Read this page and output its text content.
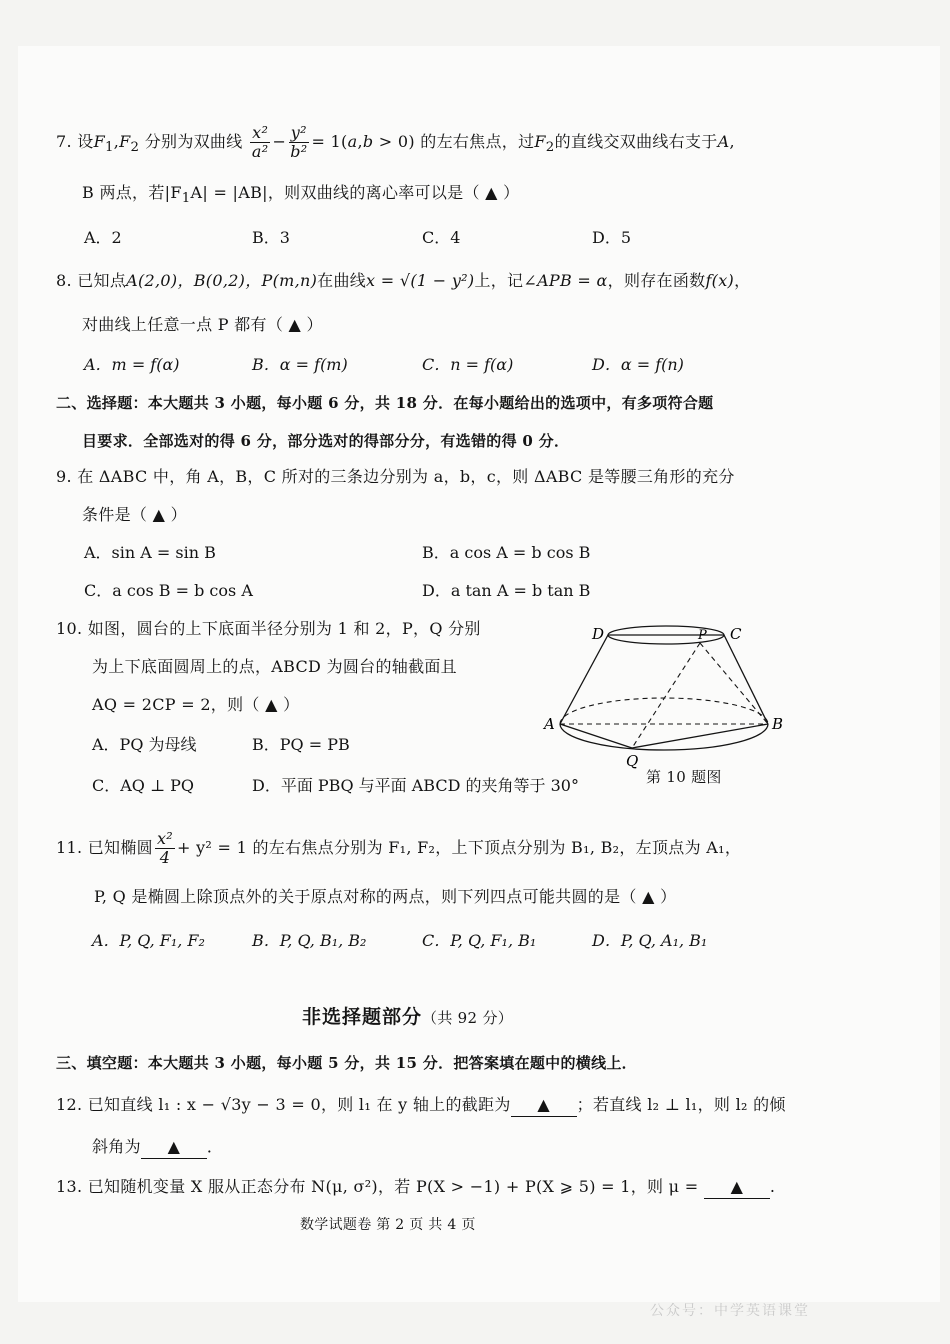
7. 设$F_1,F_2$ 分别为双曲线 $\frac{\text{x²}}{\text{a²}} - \frac{\text{y²}}{\text{b²}} = 1(a,b > 0)$ 的左右焦点，过$F_2$的直线交双曲线右支于A,
B 两点，若$|F_1A| = |AB|$，则双曲线的离心率可以是（ ▲ ）
A．2	B．3	C．4	D．5
8. 已知点A(2,0)，B(0,2)，P(m,n)在曲线x = √(1 − y²)上，记∠APB = α，则存在函数f(x)，
对曲线上任意一点 P 都有（ ▲ ）
A．m = f(α)	B．α = f(m)	C．n = f(α)	D．α = f(n)
二、选择题：本大题共 3 小题，每小题 6 分，共 18 分．在每小题给出的选项中，有多项符合题
目要求．全部选对的得 6 分，部分选对的得部分分，有选错的得 0 分．
9. 在 ΔABC 中，角 A，B，C 所对的三条边分别为 a，b，c，则 ΔABC 是等腰三角形的充分
条件是（ ▲ ）
A．sin A = sin B	B．a cos A = b cos B
C．a cos B = b cos A	D．a tan A = b tan B
10. 如图，圆台的上下底面半径分别为 1 和 2，P，Q 分别
为上下底面圆周上的点，ABCD 为圆台的轴截面且
AQ = 2CP = 2，则（ ▲ ）
A．PQ 为母线	B．PQ = PB
C．AQ ⊥ PQ	D．平面 PBQ 与平面 ABCD 的夹角等于 30°
D	C
P
A	B
Q
第 10 题图
11. 已知椭圆 $\frac{\text{x²}}{4} + y^2 = 1$ 的左右焦点分别为 F₁, F₂，上下顶点分别为 B₁, B₂，左顶点为 A₁，
P, Q 是椭圆上除顶点外的关于原点对称的两点，则下列四点可能共圆的是（ ▲ ）
A．P, Q, F₁, F₂	B．P, Q, B₁, B₂	C．P, Q, F₁, B₁	D．P, Q, A₁, B₁
非选择题部分（共 92 分）
三、填空题：本大题共 3 小题，每小题 5 分，共 15 分．把答案填在题中的横线上．
12. 已知直线 l₁ : x − √3y − 3 = 0，则 l₁ 在 y 轴上的截距为 ▲ ；若直线 l₂ ⊥ l₁，则 l₂ 的倾
斜角为 ▲ ．
13. 已知随机变量 X 服从正态分布 N(μ, σ²)，若 P(X > −1) + P(X ⩾ 5) = 1，则 μ = ▲ .
数学试题卷 第 2 页 共 4 页
公众号：中学英语课堂
